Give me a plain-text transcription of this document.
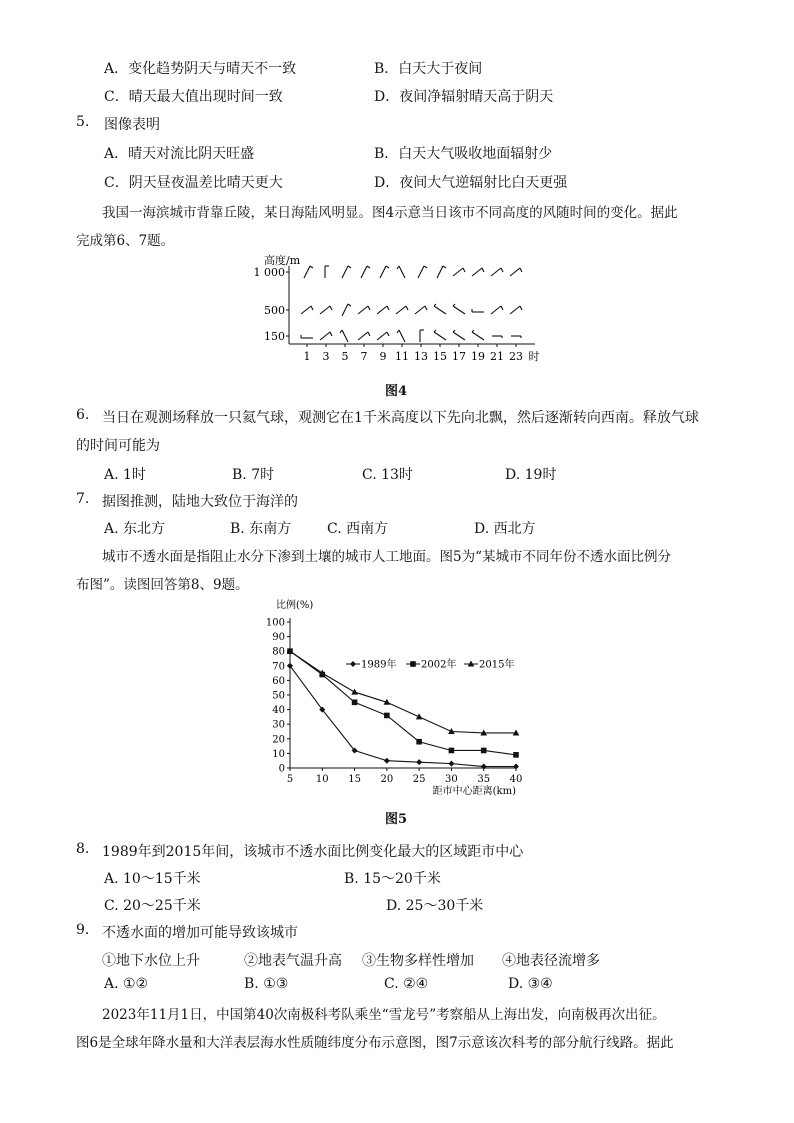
A．变化趋势阴天与晴天不一致	B．白天大于夜间
C．晴天最大值出现时间一致	D．夜间净辐射晴天高于阴天
5. 图像表明
A．晴天对流比阴天旺盛	B．白天大气吸收地面辐射少
C．阴天昼夜温差比晴天更大	D．夜间大气逆辐射比白天更强
我国一海滨城市背靠丘陵，某日海陆风明显。图4示意当日该市不同高度的风随时间的变化。据此
完成第6、7题。
高度/m
1 000
500
150
1 3 5 7 9 11 13 15 17 19 21 23 时
图4
6. 当日在观测场释放一只氦气球，观测它在1千米高度以下先向北飘，然后逐渐转向西南。释放气球
的时间可能为
A. 1时	B. 7时	C. 13时	D. 19时
7. 据图推测，陆地大致位于海洋的
A. 东北方	B. 东南方	C. 西南方	D. 西北方
城市不透水面是指阻止水分下渗到土壤的城市人工地面。图5为“某城市不同年份不透水面比例分
布图”。读图回答第8、9题。
比例(%)
0
10
20
30
40
50
60
70
80
90
100
5 10 15 20 25 30 35 40
1989年 2002年 2015年
距市中心距离(km)
图5
8. 1989年到2015年间，该城市不透水面比例变化最大的区域距市中心
A. 10～15千米	B. 15～20千米
C. 20～25千米	D. 25～30千米
9. 不透水面的增加可能导致该城市
①地下水位上升	②地表气温升高 ③生物多样性增加 ④地表径流增多
A. ①②	B. ①③	C. ②④	D. ③④
2023年11月1日，中国第40次南极科考队乘坐“雪龙号”考察船从上海出发，向南极再次出征。
图6是全球年降水量和大洋表层海水性质随纬度分布示意图，图7示意该次科考的部分航行线路。据此
